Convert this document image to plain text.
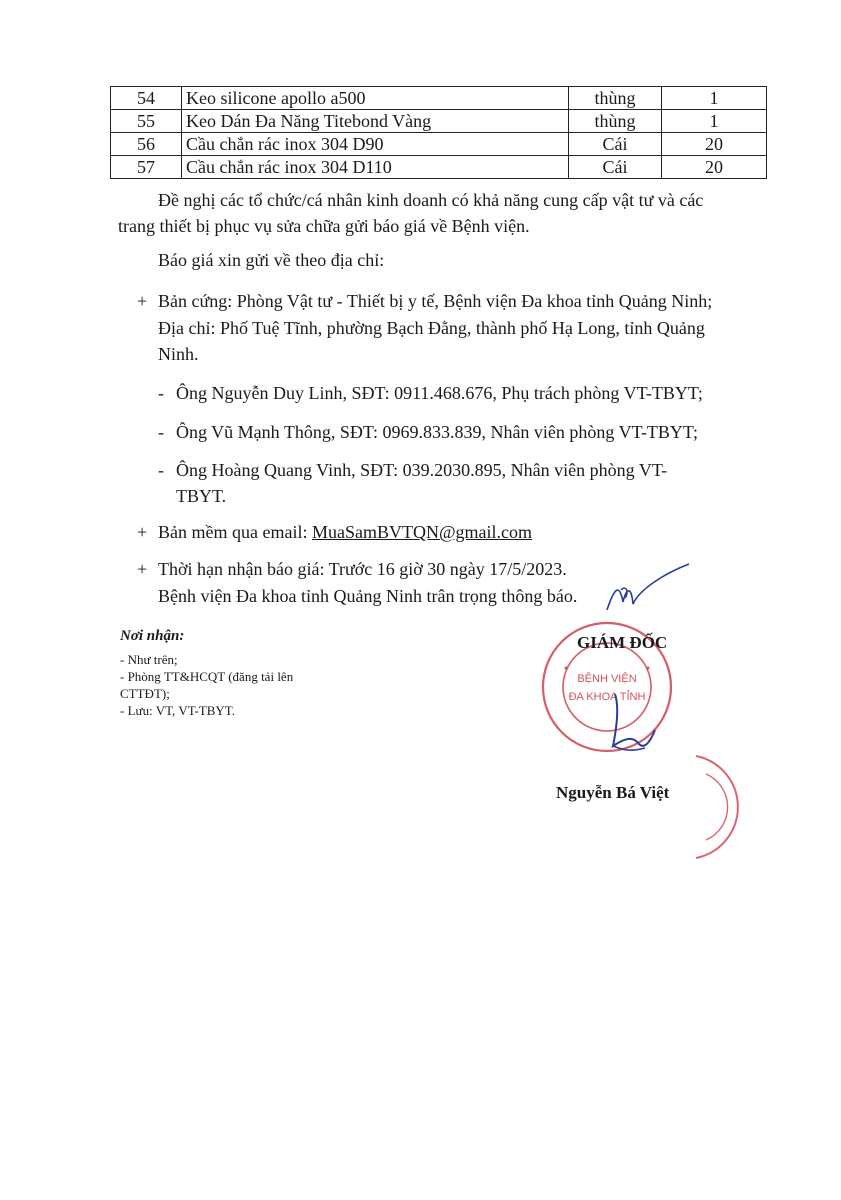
54	Keo silicone apollo a500	thùng	1
55	Keo Dán Đa Năng Titebond Vàng	thùng	1
56	Cầu chắn rác inox 304 D90	Cái	20
57	Cầu chắn rác inox 304 D110	Cái	20
Đề nghị các tổ chức/cá nhân kinh doanh có khả năng cung cấp vật tư và các
trang thiết bị phục vụ sửa chữa gửi báo giá về Bệnh viện.
Báo giá xin gửi về theo địa chỉ:
+ Bản cứng: Phòng Vật tư - Thiết bị y tế, Bệnh viện Đa khoa tỉnh Quảng Ninh;
Địa chỉ: Phố Tuệ Tĩnh, phường Bạch Đằng, thành phố Hạ Long, tỉnh Quảng
Ninh.
- Ông Nguyễn Duy Linh, SĐT: 0911.468.676, Phụ trách phòng VT-TBYT;
- Ông Vũ Mạnh Thông, SĐT: 0969.833.839, Nhân viên phòng VT-TBYT;
- Ông Hoàng Quang Vinh, SĐT: 039.2030.895, Nhân viên phòng VT-
TBYT.
+ Bản mềm qua email: MuaSamBVTQN@gmail.com
+ Thời hạn nhận báo giá: Trước 16 giờ 30 ngày 17/5/2023.
Bệnh viện Đa khoa tỉnh Quảng Ninh trân trọng thông báo.
Nơi nhận:
- Như trên;
- Phòng TT&HCQT (đăng tải lên
CTTĐT);
- Lưu: VT, VT-TBYT.
BỆNH VIỆN
ĐA KHOA TỈNH
GIÁM ĐỐC
Nguyễn Bá Việt
